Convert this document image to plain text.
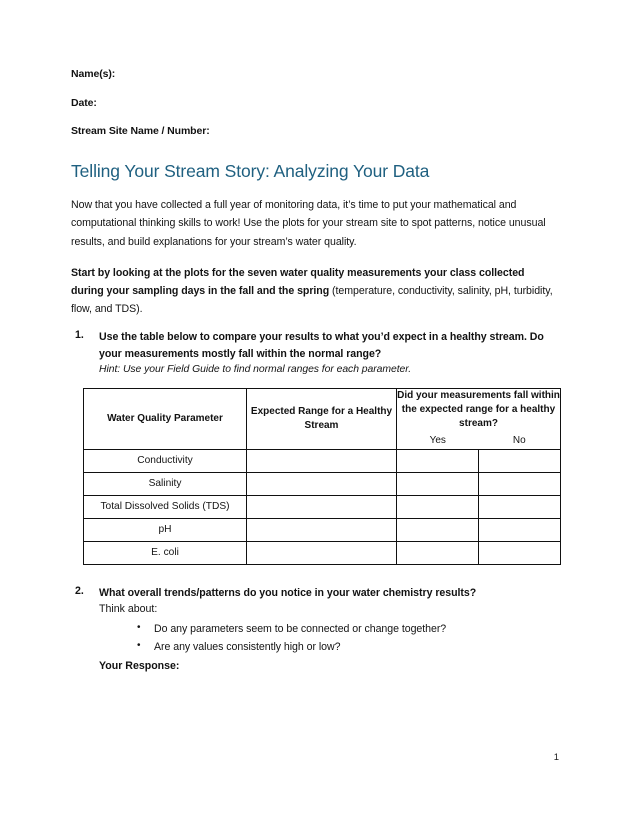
Name(s):
Date:
Stream Site Name / Number:
Telling Your Stream Story: Analyzing Your Data

Now that you have collected a full year of monitoring data, it’s time to put your mathematical and computational thinking skills to work! Use the plots for your stream site to spot patterns, notice unusual results, and build explanations for your stream’s water quality.

Start by looking at the plots for the seven water quality measurements your class collected during your sampling days in the fall and the spring (temperature, conductivity, salinity, pH, turbidity, flow, and TDS).

1. Use the table below to compare your results to what you’d expect in a healthy stream. Do your measurements mostly fall within the normal range?
Hint: Use your Field Guide to find normal ranges for each parameter.
Water Quality Parameter	Expected Range for a Healthy Stream	Did your measurements fall within the expected range for a healthy stream?
Yes No	

Conductivity			
Salinity			
Total Dissolved Solids (TDS)			
pH			
E. coli			
2. What overall trends/patterns do you notice in your water chemistry results?
Think about:
• Do any parameters seem to be connected or change together?
• Are any values consistently high or low?
Your Response:
1
